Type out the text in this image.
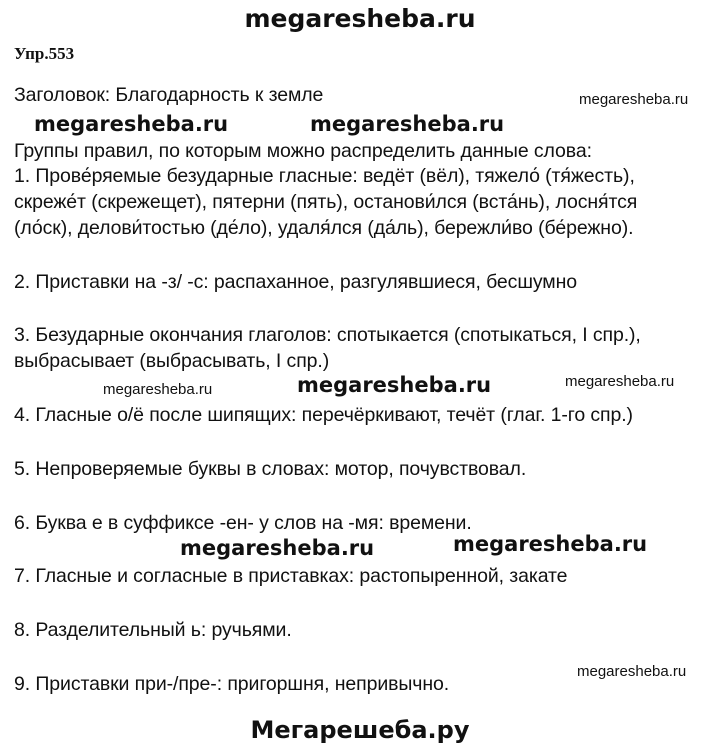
megaresheba.ru
Упр.553
Заголовок: Благодарность к земле	megaresheba.ru
megaresheba.ru	megaresheba.ru
Группы правил, по которым можно распределить данные слова:
1. Прове́ряемые безударные гласные: ведёт (вёл), тяжело́ (тя́жесть),
скреже́т (скрежещет), пятерни (пять), останови́лся (вста́нь), лосня́тся
(ло́ск), делови́тостью (де́ло), удаля́лся (да́ль), бережли́во (бе́режно).
2. Приставки на -з/ -с: распаханное, разгулявшиеся, бесшумно
3. Безударные окончания глаголов: спотыкается (спотыкаться, I спр.),
выбрасывает (выбрасывать, I спр.)
megaresheba.ru	megaresheba.ru	megaresheba.ru
4. Гласные о/ё после шипящих: перечёркивают, течёт (глаг. 1-го спр.)
5. Непроверяемые буквы в словах: мотор, почувствовал.
6. Буква е в суффиксе -ен- у слов на -мя: времени.
megaresheba.ru	megaresheba.ru
7. Гласные и согласные в приставках: растопыренной, закате
8. Разделительный ь: ручьями.
megaresheba.ru
9. Приставки при-/пре-: пригоршня, непривычно.
Мегарешеба.ру
